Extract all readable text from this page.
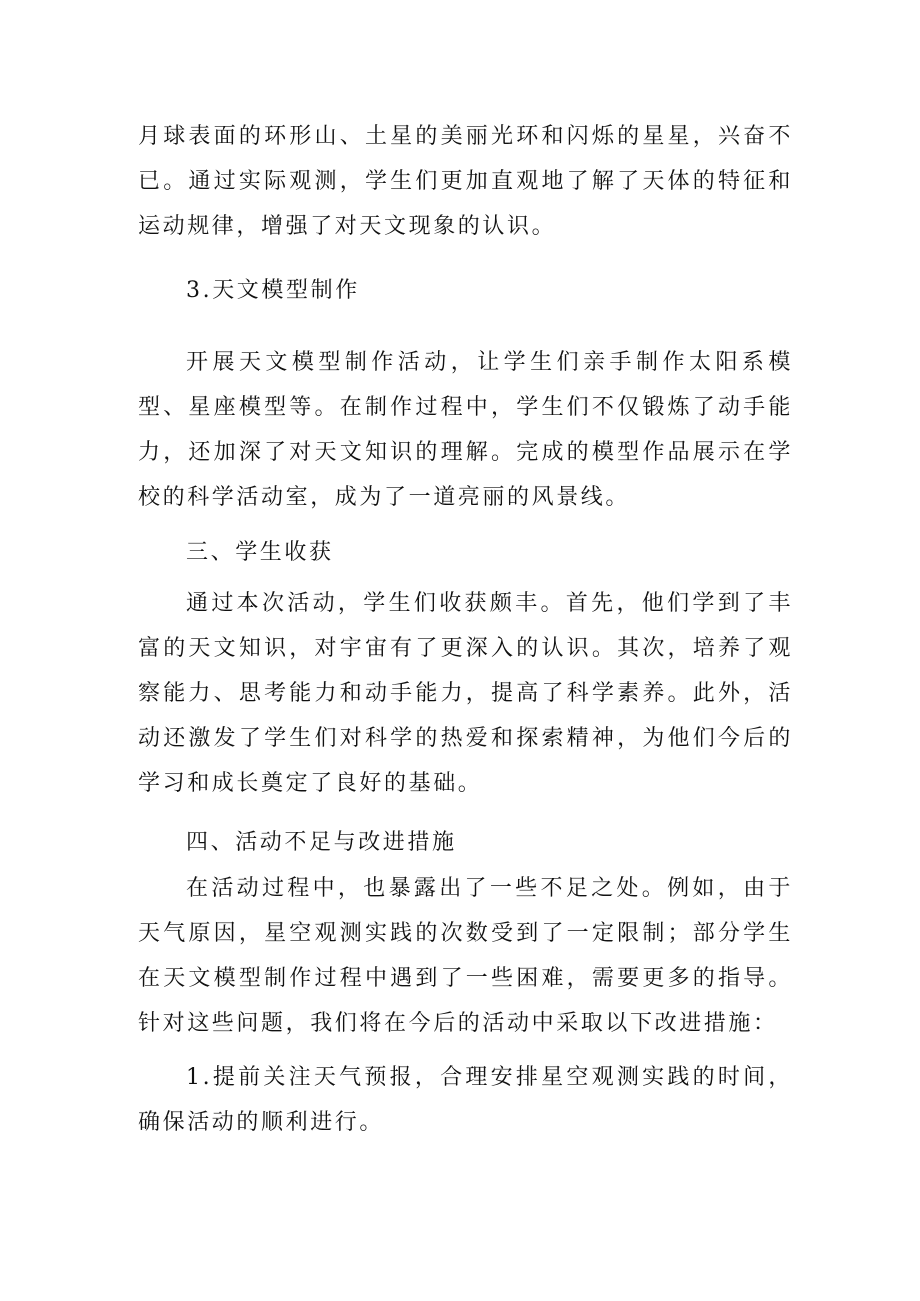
月球表面的环形山、土星的美丽光环和闪烁的星星，兴奋不已。通过实际观测，学生们更加直观地了解了天体的特征和运动规律，增强了对天文现象的认识。

3.天文模型制作

开展天文模型制作活动，让学生们亲手制作太阳系模型、星座模型等。在制作过程中，学生们不仅锻炼了动手能力，还加深了对天文知识的理解。完成的模型作品展示在学校的科学活动室，成为了一道亮丽的风景线。

三、学生收获

通过本次活动，学生们收获颇丰。首先，他们学到了丰富的天文知识，对宇宙有了更深入的认识。其次，培养了观察能力、思考能力和动手能力，提高了科学素养。此外，活动还激发了学生们对科学的热爱和探索精神，为他们今后的学习和成长奠定了良好的基础。

四、活动不足与改进措施

在活动过程中，也暴露出了一些不足之处。例如，由于天气原因，星空观测实践的次数受到了一定限制；部分学生在天文模型制作过程中遇到了一些困难，需要更多的指导。针对这些问题，我们将在今后的活动中采取以下改进措施：

1.提前关注天气预报，合理安排星空观测实践的时间，确保活动的顺利进行。
